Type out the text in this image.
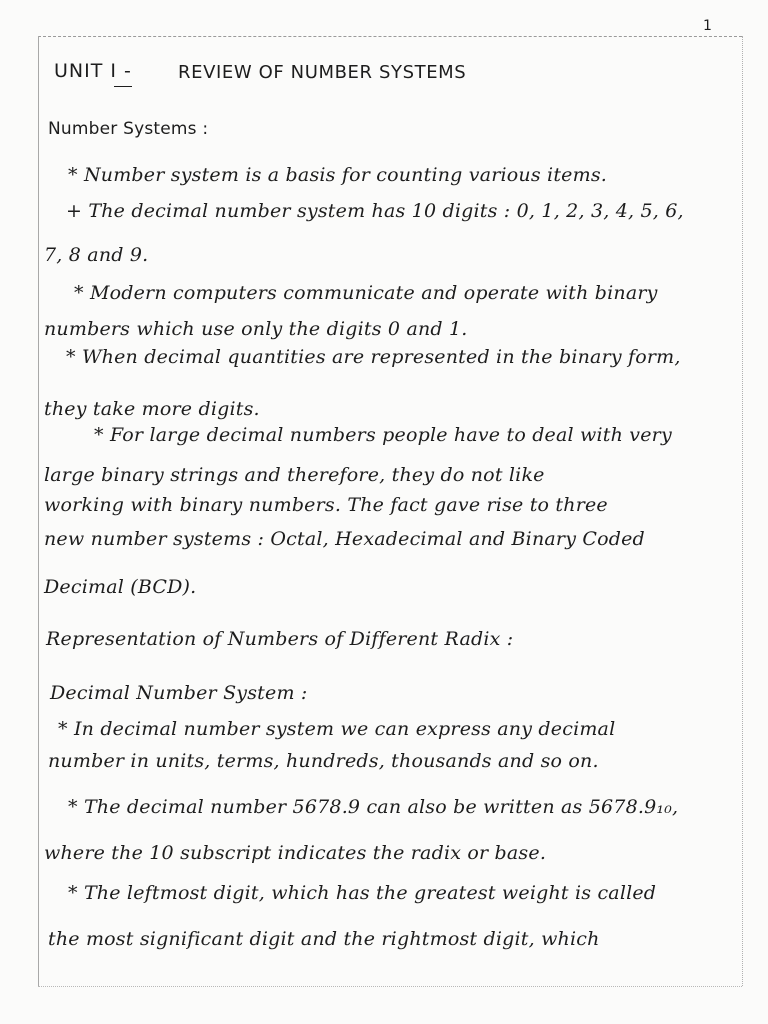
1
UNIT I -	REVIEW OF NUMBER SYSTEMS
Number Systems :
* Number system is a basis for counting various items.
+ The decimal number system has 10 digits : 0, 1, 2, 3, 4, 5, 6,
7, 8 and 9.
* Modern computers communicate and operate with binary
numbers which use only the digits 0 and 1.
* When decimal quantities are represented in the binary form,
they take more digits.
* For large decimal numbers people have to deal with very
large binary strings and therefore, they do not like
working with binary numbers. The fact gave rise to three
new number systems : Octal, Hexadecimal and Binary Coded
Decimal (BCD).
Representation of Numbers of Different Radix :
Decimal Number System :
* In decimal number system we can express any decimal
number in units, terms, hundreds, thousands and so on.
* The decimal number 5678.9 can also be written as 5678.9₁₀,
where the 10 subscript indicates the radix or base.
* The leftmost digit, which has the greatest weight is called
the most significant digit and the rightmost digit, which
